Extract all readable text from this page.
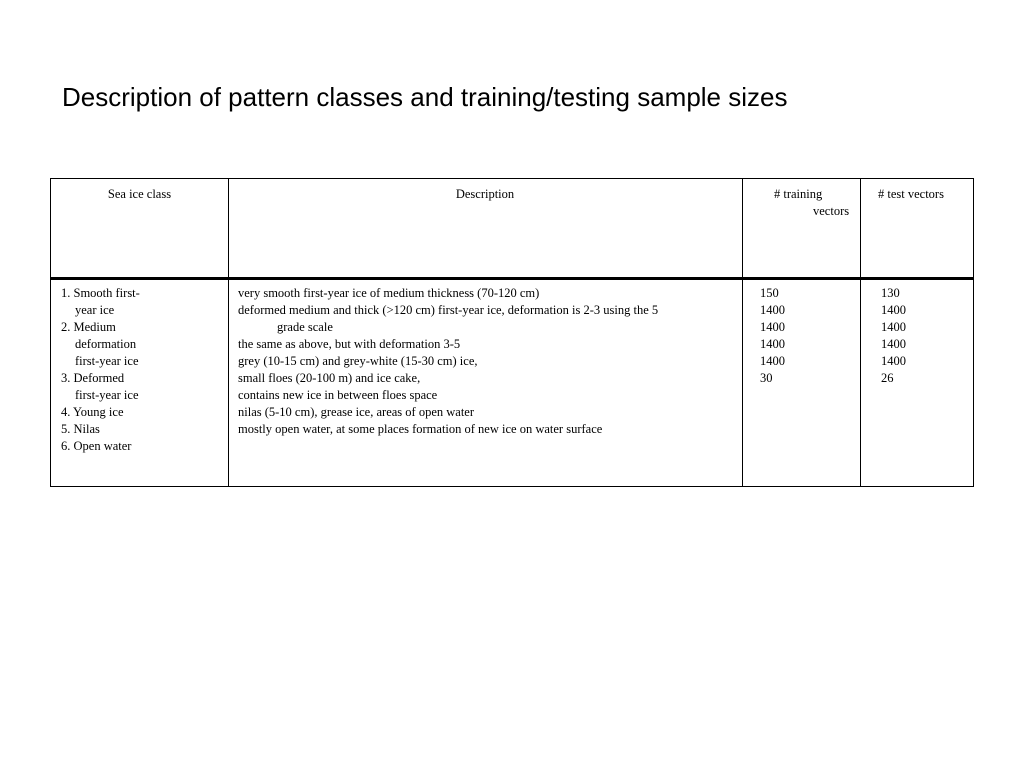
Description of pattern classes and training/testing sample sizes
Sea ice class	Description	# training
vectors
# test vectors
1. Smooth first-
year ice
2. Medium
deformation
first-year ice
3. Deformed
first-year ice
4. Young ice
5. Nilas
6. Open water
very smooth first-year ice of medium thickness (70-120 cm)
deformed medium and thick (>120 cm) first-year ice, deformation is 2-3 using the 5
grade scale
the same as above, but with deformation 3-5
grey (10-15 cm) and grey-white (15-30 cm) ice,
small floes (20-100 m) and ice cake,
contains new ice in between floes space
nilas (5-10 cm), grease ice, areas of open water
mostly open water, at some places formation of new ice on water surface
150
1400
1400
1400
1400
30
130
1400
1400
1400
1400
26
